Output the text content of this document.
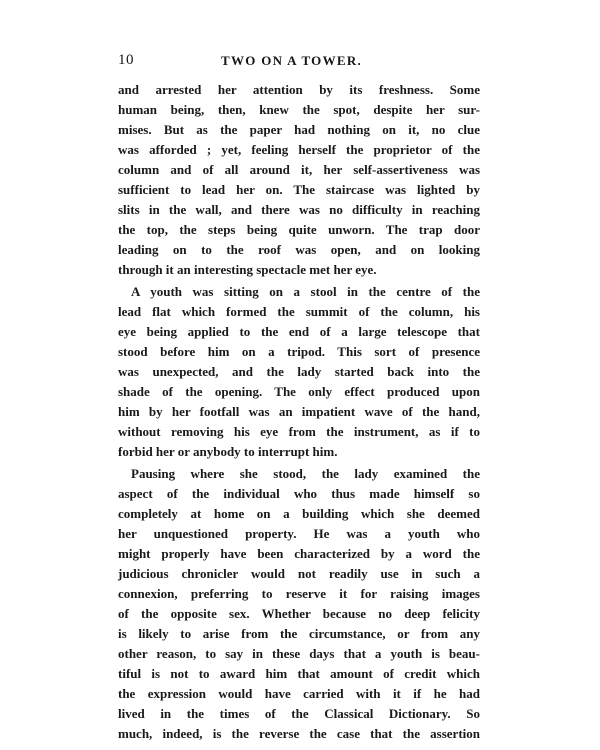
10	TWO ON A TOWER.

and arrested her attention by its freshness. Some
human being, then, knew the spot, despite her sur-
mises. But as the paper had nothing on it, no clue
was afforded ; yet, feeling herself the proprietor of the
column and of all around it, her self-assertiveness was
sufficient to lead her on. The staircase was lighted by
slits in the wall, and there was no difficulty in reaching
the top, the steps being quite unworn. The trap door
leading on to the roof was open, and on looking
through it an interesting spectacle met her eye.

A youth was sitting on a stool in the centre of the
lead flat which formed the summit of the column, his
eye being applied to the end of a large telescope that
stood before him on a tripod. This sort of presence
was unexpected, and the lady started back into the
shade of the opening. The only effect produced upon
him by her footfall was an impatient wave of the hand,
without removing his eye from the instrument, as if to
forbid her or anybody to interrupt him.

Pausing where she stood, the lady examined the
aspect of the individual who thus made himself so
completely at home on a building which she deemed
her unquestioned property. He was a youth who
might properly have been characterized by a word the
judicious chronicler would not readily use in such a
connexion, preferring to reserve it for raising images
of the opposite sex. Whether because no deep felicity
is likely to arise from the circumstance, or from any
other reason, to say in these days that a youth is beau-
tiful is not to award him that amount of credit which
the expression would have carried with it if he had
lived in the times of the Classical Dictionary. So
much, indeed, is the reverse the case that the assertion
